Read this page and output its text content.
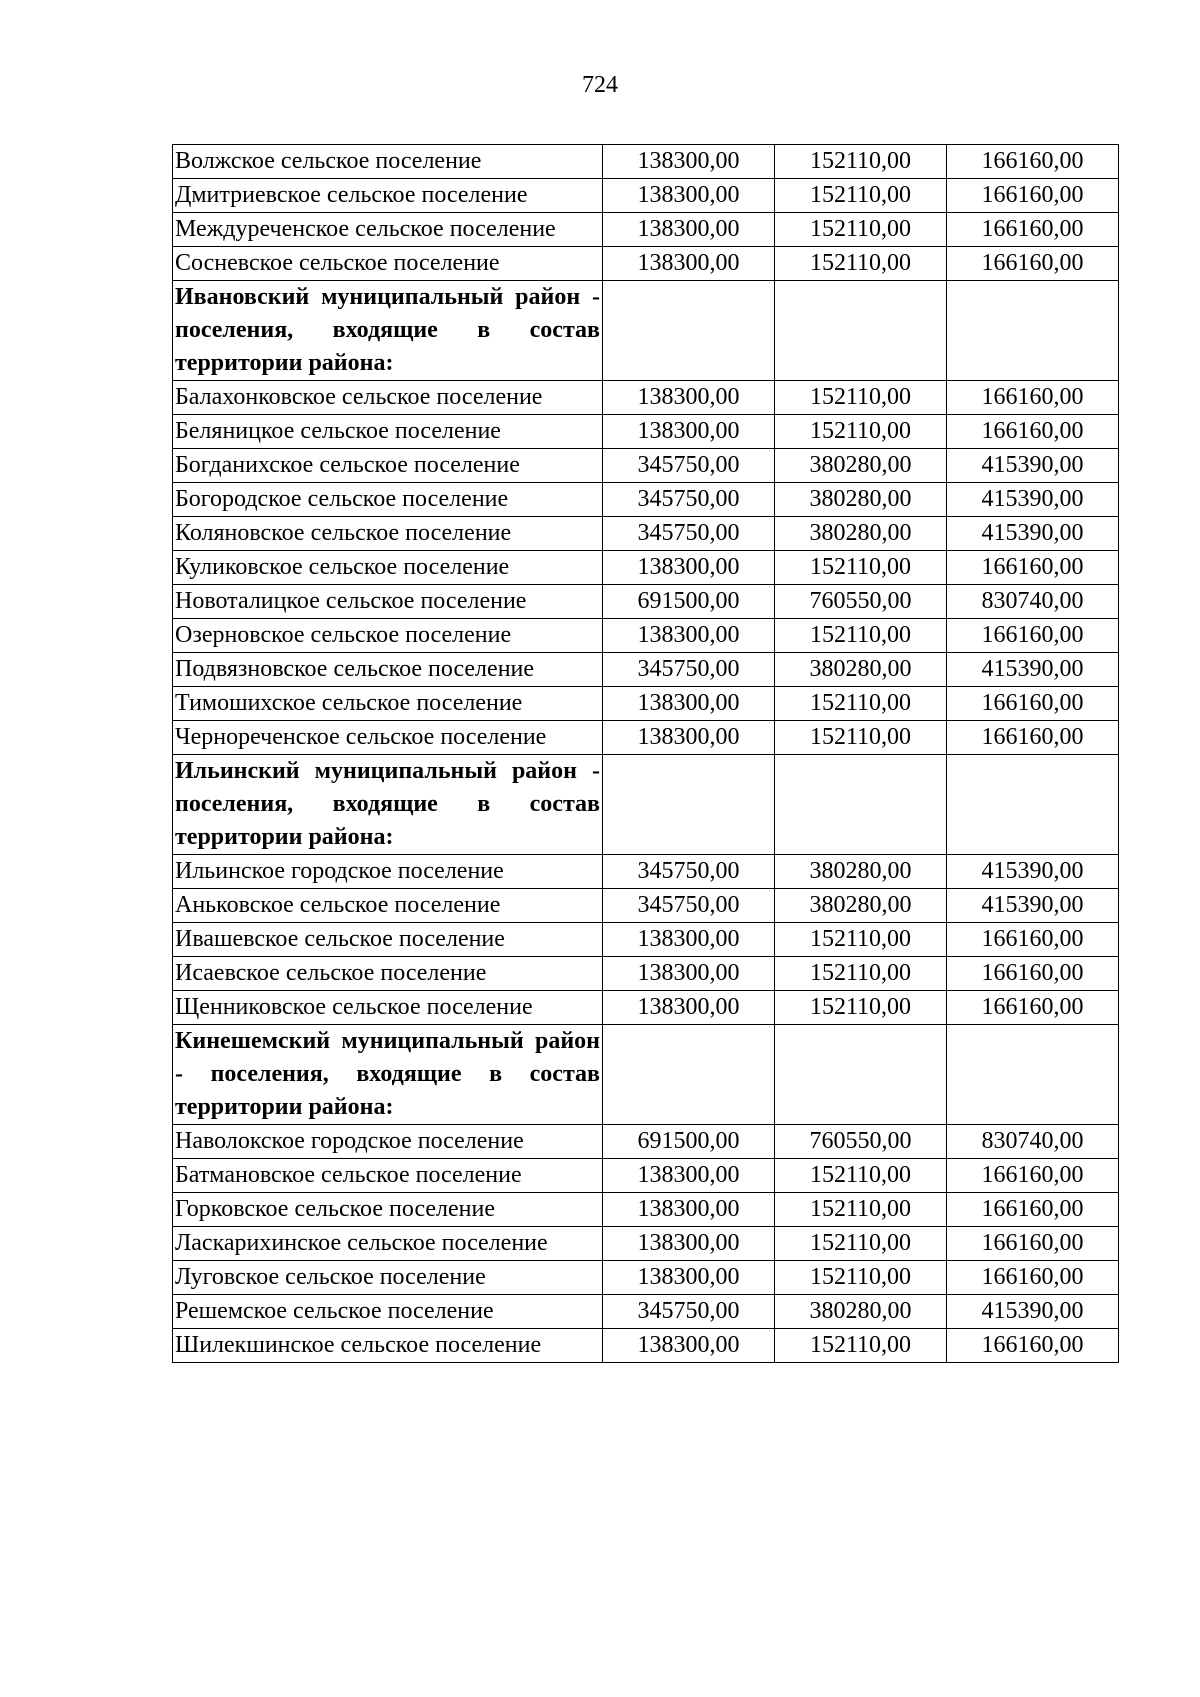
724
Волжское сельское поселение	138300,00	152110,00	166160,00
Дмитриевское сельское поселение	138300,00	152110,00	166160,00
Междуреченское сельское поселение	138300,00	152110,00	166160,00
Сосневское сельское поселение	138300,00	152110,00	166160,00
Ивановский муниципальный район - поселения, входящие в состав территории района:			
Балахонковское сельское поселение	138300,00	152110,00	166160,00
Беляницкое сельское поселение	138300,00	152110,00	166160,00
Богданихское сельское поселение	345750,00	380280,00	415390,00
Богородское сельское поселение	345750,00	380280,00	415390,00
Коляновское сельское поселение	345750,00	380280,00	415390,00
Куликовское сельское поселение	138300,00	152110,00	166160,00
Новоталицкое сельское поселение	691500,00	760550,00	830740,00
Озерновское сельское поселение	138300,00	152110,00	166160,00
Подвязновское сельское поселение	345750,00	380280,00	415390,00
Тимошихское сельское поселение	138300,00	152110,00	166160,00
Чернореченское сельское поселение	138300,00	152110,00	166160,00
Ильинский муниципальный район - поселения, входящие в состав территории района:			
Ильинское городское поселение	345750,00	380280,00	415390,00
Аньковское сельское поселение	345750,00	380280,00	415390,00
Ивашевское сельское поселение	138300,00	152110,00	166160,00
Исаевское сельское поселение	138300,00	152110,00	166160,00
Щенниковское сельское поселение	138300,00	152110,00	166160,00
Кинешемский муниципальный район - поселения, входящие в состав территории района:			
Наволокское городское поселение	691500,00	760550,00	830740,00
Батмановское сельское поселение	138300,00	152110,00	166160,00
Горковское сельское поселение	138300,00	152110,00	166160,00
Ласкарихинское сельское поселение	138300,00	152110,00	166160,00
Луговское сельское поселение	138300,00	152110,00	166160,00
Решемское сельское поселение	345750,00	380280,00	415390,00
Шилекшинское сельское поселение	138300,00	152110,00	166160,00
